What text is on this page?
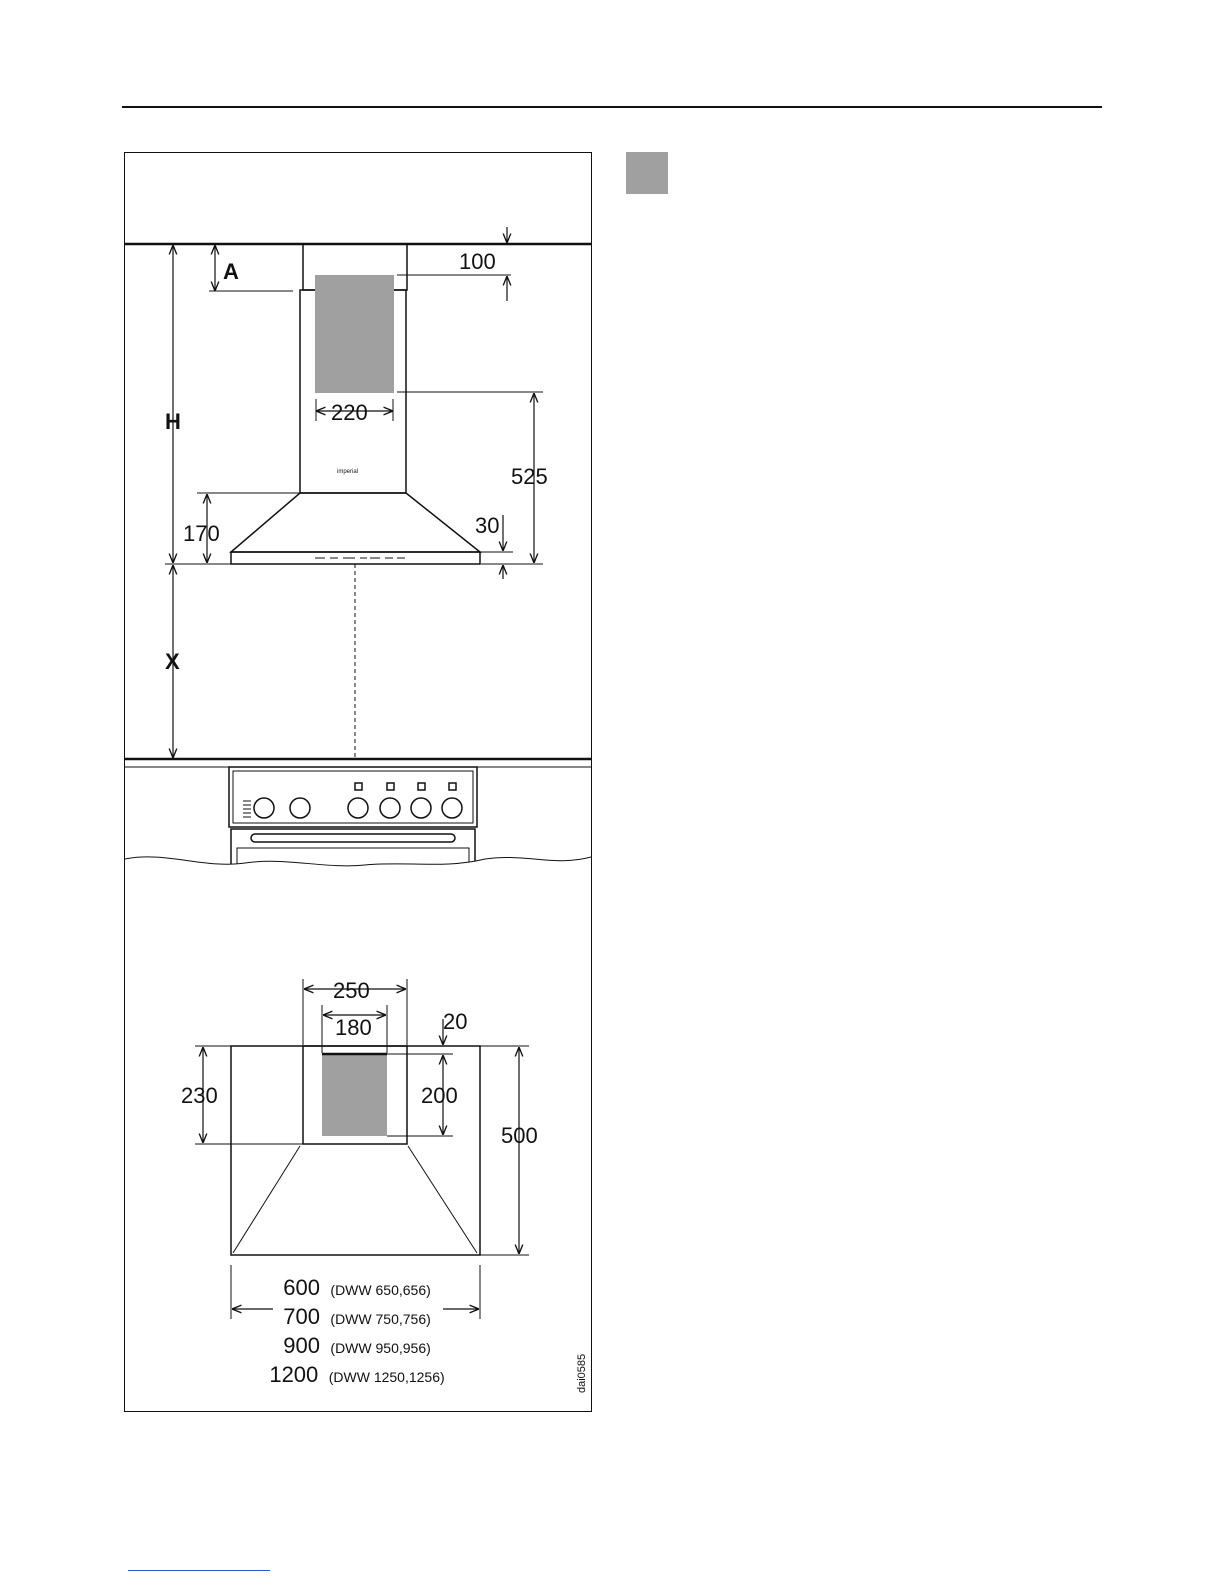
imperial
H
X
A	100
220
525
30
170
250
180	20
200
230
500
600 (DWW 650,656)
700 (DWW 750,756)
900 (DWW 950,956)
1200 (DWW 1250,1256)	dai0585
